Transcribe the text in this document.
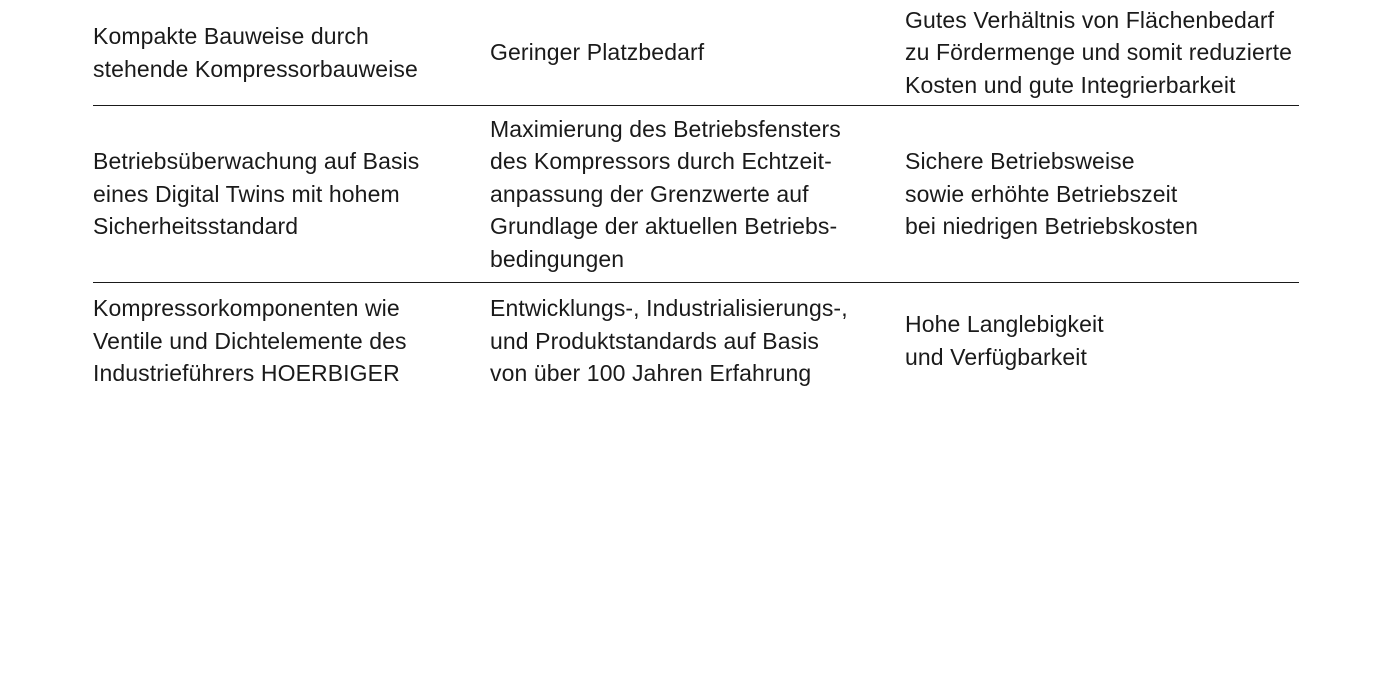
Kompakte Bauweise durch
stehende Kompressorbauweise
Geringer Platzbedarf
Gutes Verhältnis von Flächenbedarf
zu Fördermenge und somit reduzierte
Kosten und gute Integrierbarkeit
Betriebsüberwachung auf Basis
eines Digital Twins mit hohem
Sicherheitsstandard
Maximierung des Betriebsfensters
des Kompressors durch Echtzeit-
anpassung der Grenzwerte auf
Grundlage der aktuellen Betriebs-
bedingungen
Sichere Betriebsweise
sowie erhöhte Betriebszeit
bei niedrigen Betriebskosten
Kompressorkomponenten wie
Ventile und Dichtelemente des
Industrieführers HOERBIGER
Entwicklungs-, Industrialisierungs-,
und Produktstandards auf Basis
von über 100 Jahren Erfahrung
Hohe Langlebigkeit
und Verfügbarkeit
